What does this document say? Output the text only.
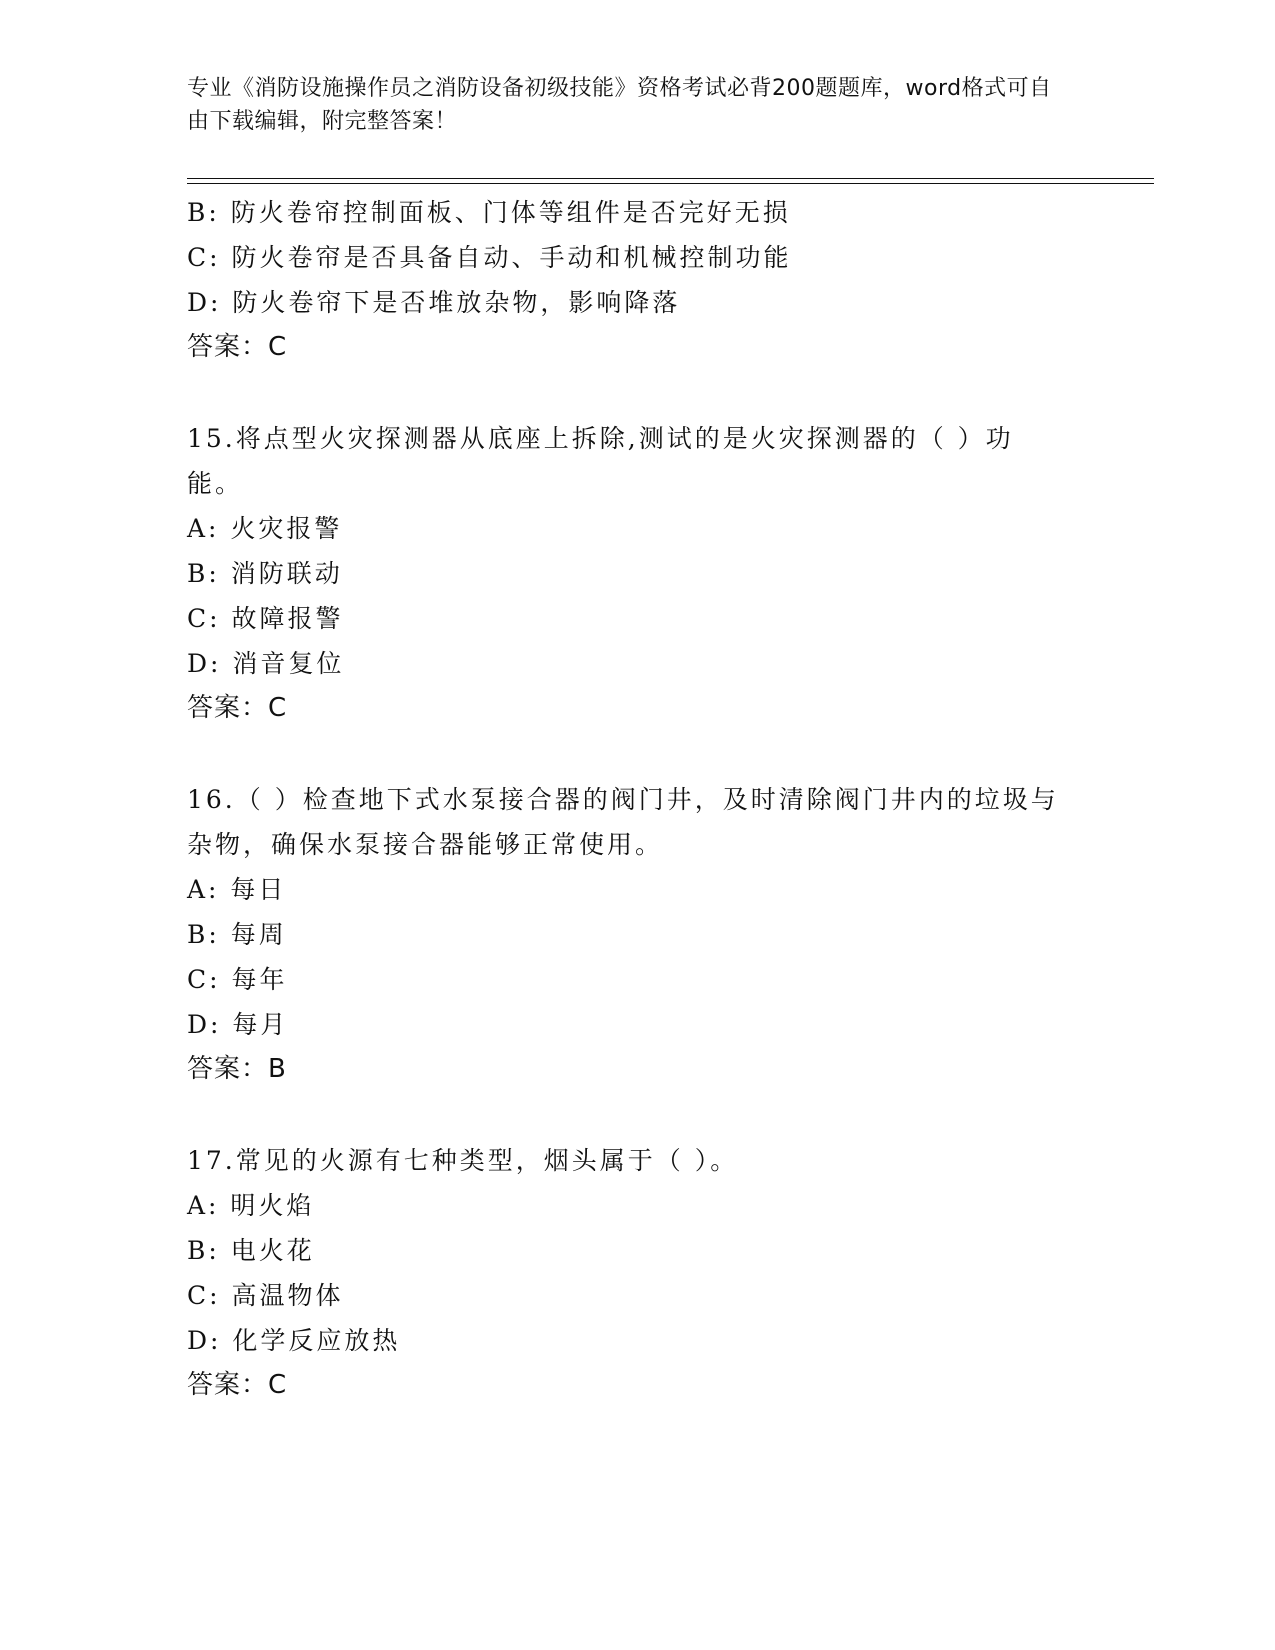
专业《消防设施操作员之消防设备初级技能》资格考试必背200题题库，word格式可自由下载编辑，附完整答案！
B: 防火卷帘控制面板、门体等组件是否完好无损
C: 防火卷帘是否具备自动、手动和机械控制功能
D: 防火卷帘下是否堆放杂物，影响降落
答案：C
15.将点型火灾探测器从底座上拆除,测试的是火灾探测器的（ ）功能。
A: 火灾报警
B: 消防联动
C: 故障报警
D: 消音复位
答案：C
16.（ ）检查地下式水泵接合器的阀门井，及时清除阀门井内的垃圾与杂物，确保水泵接合器能够正常使用。
A: 每日
B: 每周
C: 每年
D: 每月
答案：B
17.常见的火源有七种类型，烟头属于（ ）。
A: 明火焰
B: 电火花
C: 高温物体
D: 化学反应放热
答案：C
